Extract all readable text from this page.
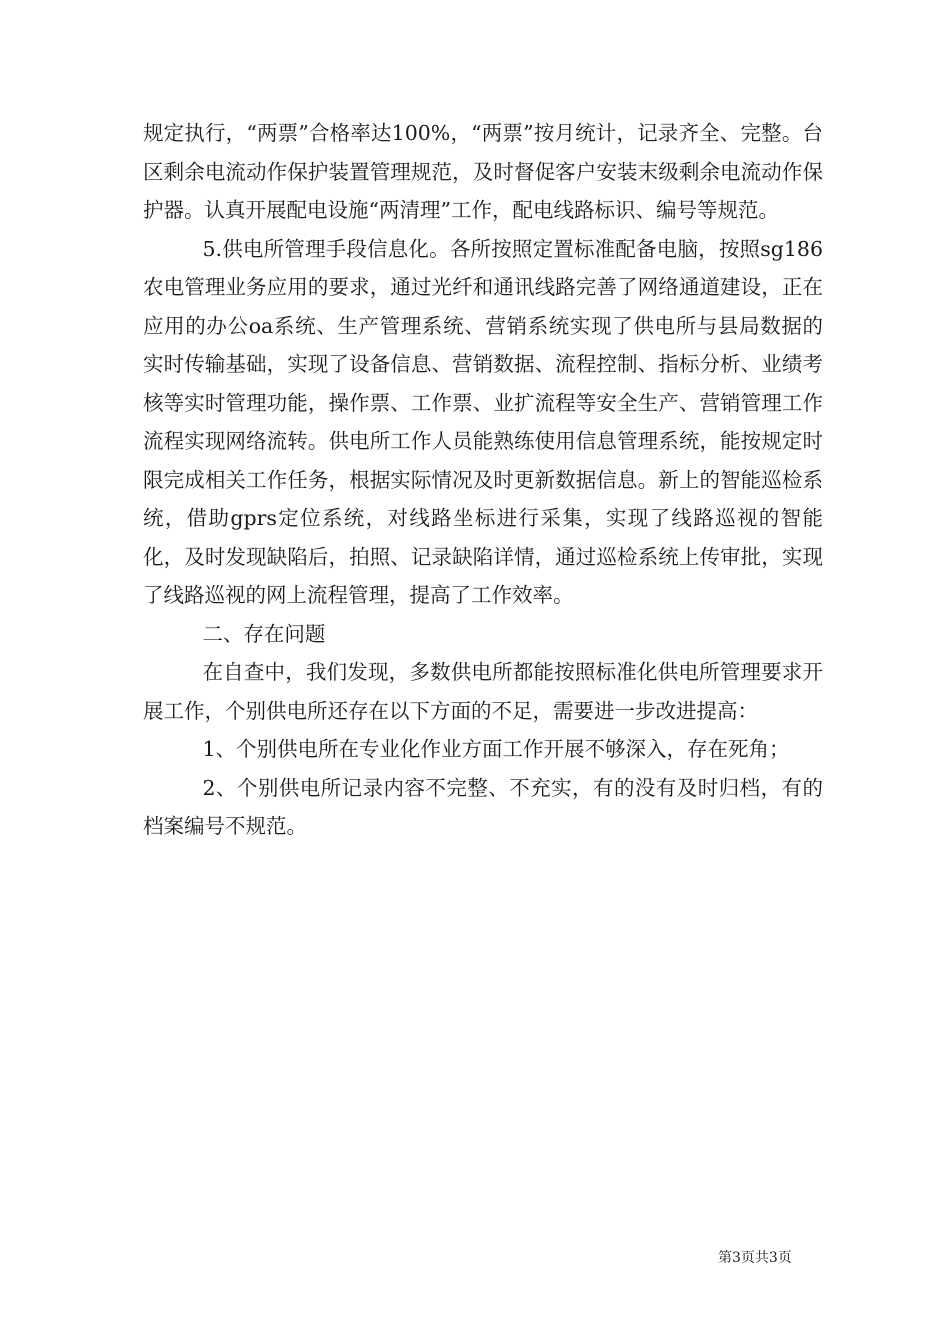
规定执行，“两票”合格率达100%，“两票”按月统计，记录齐全、完整。台区剩余电流动作保护装置管理规范，及时督促客户安装末级剩余电流动作保护器。认真开展配电设施“两清理”工作，配电线路标识、编号等规范。

5.供电所管理手段信息化。各所按照定置标准配备电脑，按照sg186农电管理业务应用的要求，通过光纤和通讯线路完善了网络通道建设，正在应用的办公oa系统、生产管理系统、营销系统实现了供电所与县局数据的实时传输基础，实现了设备信息、营销数据、流程控制、指标分析、业绩考核等实时管理功能，操作票、工作票、业扩流程等安全生产、营销管理工作流程实现网络流转。供电所工作人员能熟练使用信息管理系统，能按规定时限完成相关工作任务，根据实际情况及时更新数据信息。新上的智能巡检系统，借助gprs定位系统，对线路坐标进行采集，实现了线路巡视的智能化，及时发现缺陷后，拍照、记录缺陷详情，通过巡检系统上传审批，实现了线路巡视的网上流程管理，提高了工作效率。

二、存在问题

在自查中，我们发现，多数供电所都能按照标准化供电所管理要求开展工作，个别供电所还存在以下方面的不足，需要进一步改进提高：

1、个别供电所在专业化作业方面工作开展不够深入，存在死角；

2、个别供电所记录内容不完整、不充实，有的没有及时归档，有的档案编号不规范。

第3页共3页
